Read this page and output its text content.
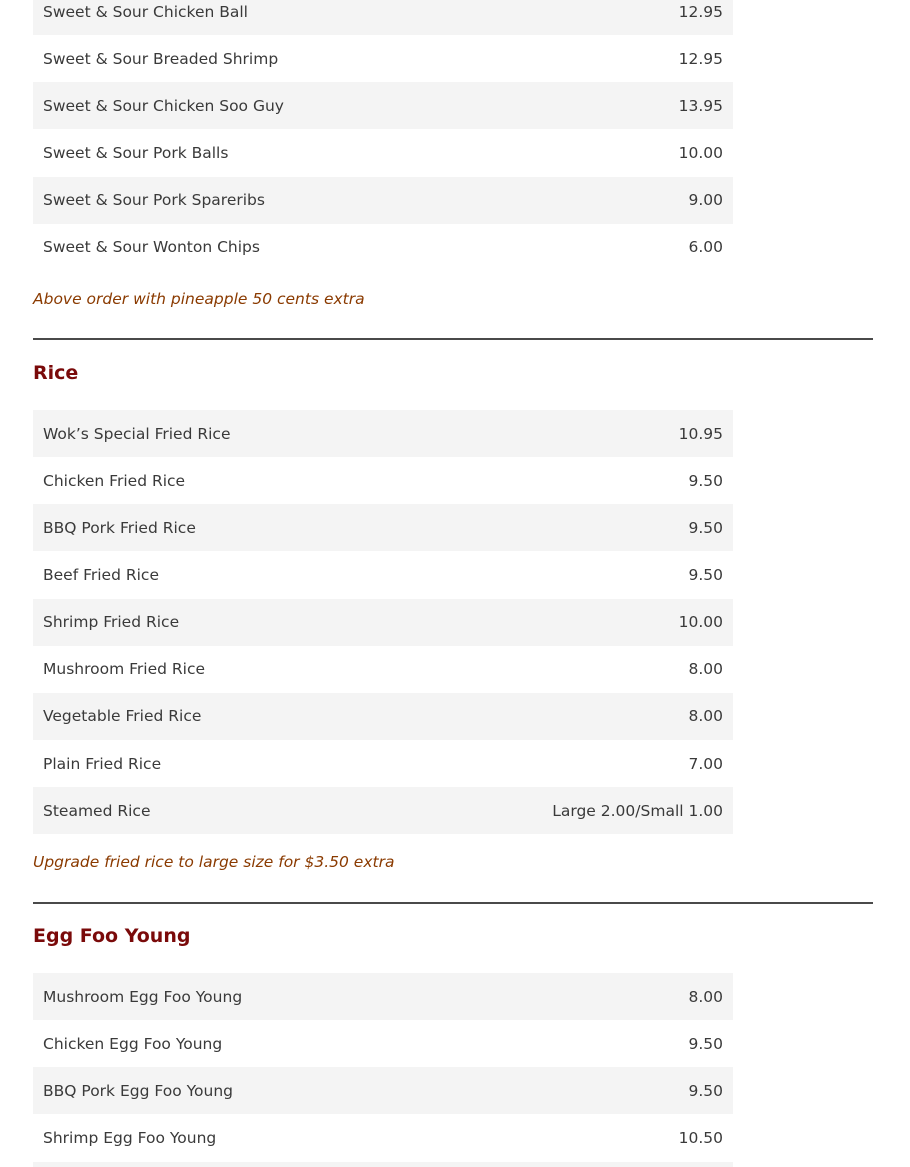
Sweet & Sour Chicken Ball	12.95
Sweet & Sour Breaded Shrimp	12.95
Sweet & Sour Chicken Soo Guy	13.95
Sweet & Sour Pork Balls	10.00
Sweet & Sour Pork Spareribs	9.00
Sweet & Sour Wonton Chips	6.00
Above order with pineapple 50 cents extra
Rice
Wok’s Special Fried Rice	10.95
Chicken Fried Rice	9.50
BBQ Pork Fried Rice	9.50
Beef Fried Rice	9.50
Shrimp Fried Rice	10.00
Mushroom Fried Rice	8.00
Vegetable Fried Rice	8.00
Plain Fried Rice	7.00
Steamed Rice	Large 2.00/Small 1.00
Upgrade fried rice to large size for $3.50 extra
Egg Foo Young
Mushroom Egg Foo Young	8.00
Chicken Egg Foo Young	9.50
BBQ Pork Egg Foo Young	9.50
Shrimp Egg Foo Young	10.50
